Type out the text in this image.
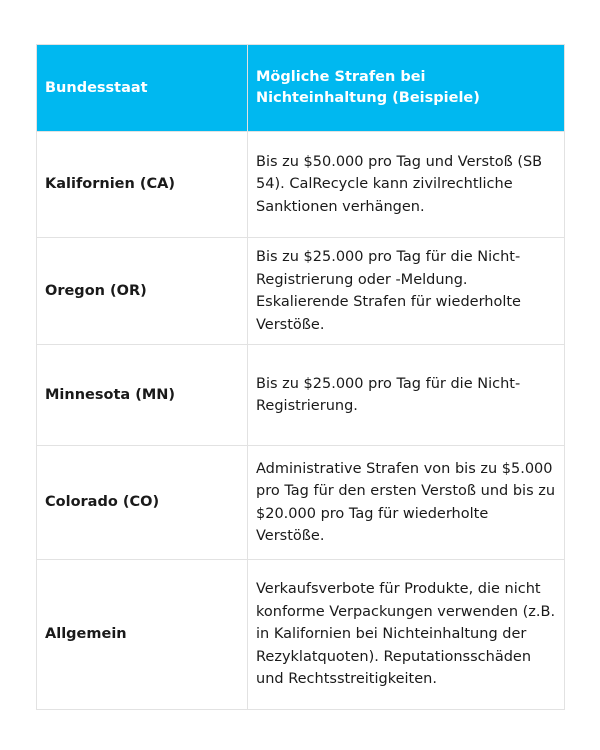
Bundesstaat	Mögliche Strafen bei Nichteinhaltung (Beispiele)
Kalifornien (CA)	Bis zu $50.000 pro Tag und Verstoß (SB 54). CalRecycle kann zivilrechtliche Sanktionen verhängen.
Oregon (OR)	Bis zu $25.000 pro Tag für die Nicht-Registrierung oder -Meldung. Eskalierende Strafen für wiederholte Verstöße.
Minnesota (MN)	Bis zu $25.000 pro Tag für die Nicht-Registrierung.
Colorado (CO)	Administrative Strafen von bis zu $5.000 pro Tag für den ersten Verstoß und bis zu $20.000 pro Tag für wiederholte Verstöße.
Allgemein	Verkaufsverbote für Produkte, die nicht konforme Verpackungen verwenden (z.B. in Kalifornien bei Nichteinhaltung der Rezyklatquoten). Reputationsschäden und Rechtsstreitigkeiten.
